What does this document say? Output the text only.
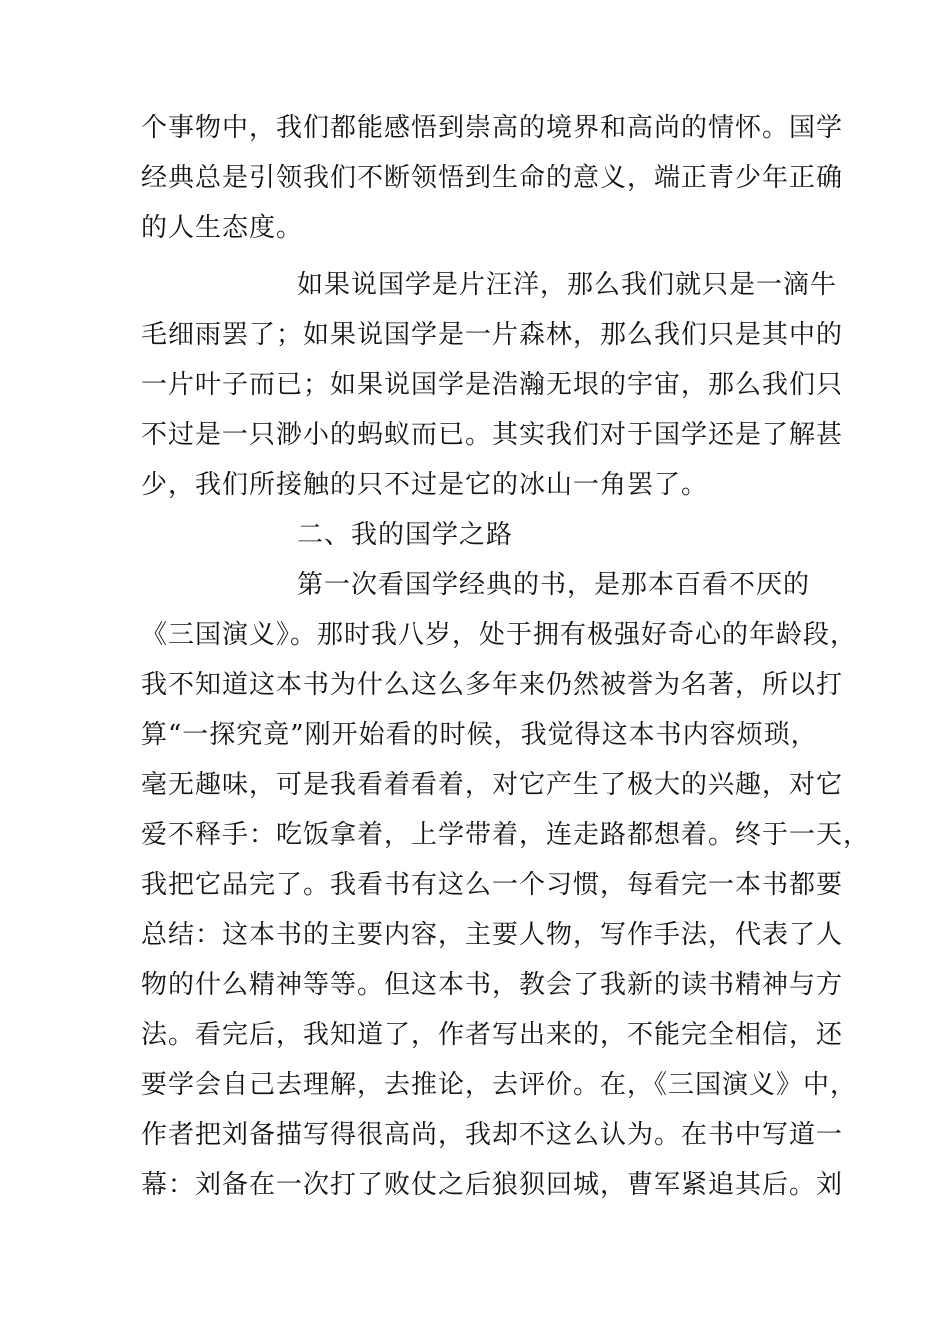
个事物中，我们都能感悟到崇高的境界和高尚的情怀。国学
经典总是引领我们不断领悟到生命的意义，端正青少年正确
的人生态度。
如果说国学是片汪洋，那么我们就只是一滴牛
毛细雨罢了；如果说国学是一片森林，那么我们只是其中的
一片叶子而已；如果说国学是浩瀚无垠的宇宙，那么我们只
不过是一只渺小的蚂蚁而已。其实我们对于国学还是了解甚
少，我们所接触的只不过是它的冰山一角罢了。
二、我的国学之路
第一次看国学经典的书，是那本百看不厌的
《三国演义》。那时我八岁，处于拥有极强好奇心的年龄段，
我不知道这本书为什么这么多年来仍然被誉为名著，所以打
算“一探究竟”刚开始看的时候，我觉得这本书内容烦琐，
毫无趣味，可是我看着看着，对它产生了极大的兴趣，对它
爱不释手：吃饭拿着，上学带着，连走路都想着。终于一天，
我把它品完了。我看书有这么一个习惯，每看完一本书都要
总结：这本书的主要内容，主要人物，写作手法，代表了人
物的什么精神等等。但这本书，教会了我新的读书精神与方
法。看完后，我知道了，作者写出来的，不能完全相信，还
要学会自己去理解，去推论，去评价。在，《三国演义》中，
作者把刘备描写得很高尚，我却不这么认为。在书中写道一
幕：刘备在一次打了败仗之后狼狈回城，曹军紧追其后。刘
